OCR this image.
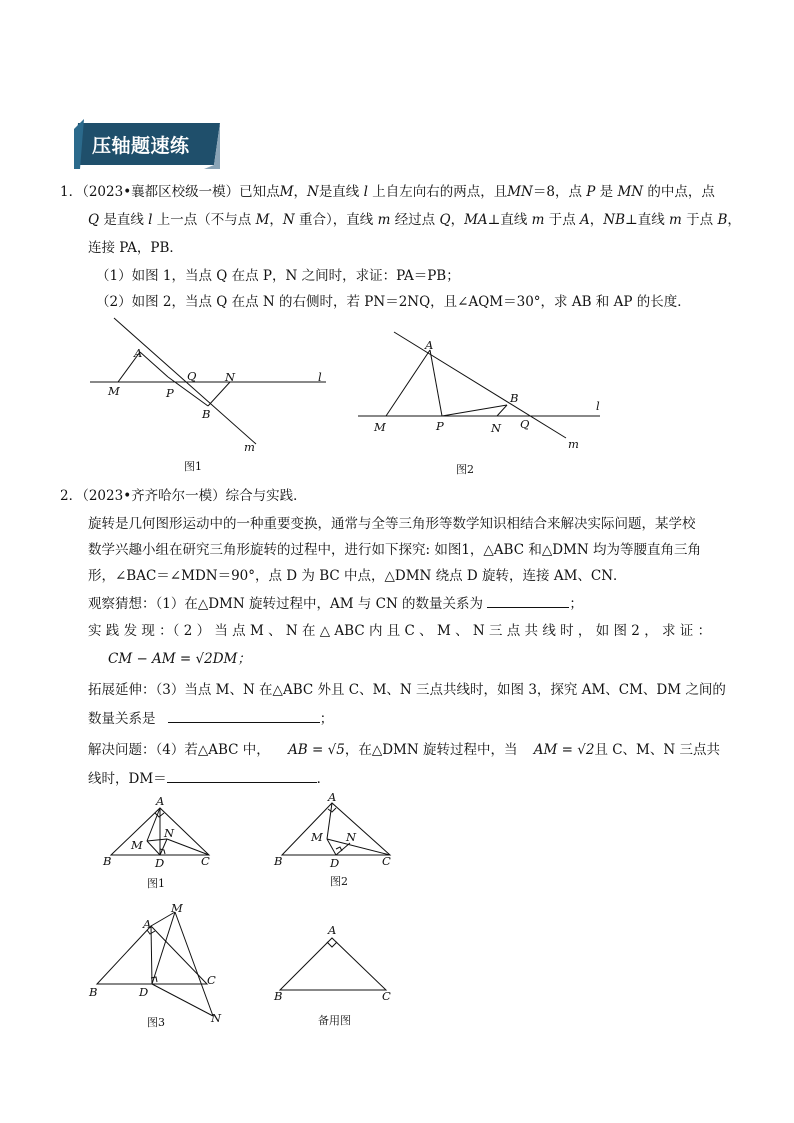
压轴题速练
1．（2023•襄都区校级一模）已知点M，N是直线 l 上自左向右的两点，且MN＝8，点 P 是 MN 的中点，点
Q 是直线 l 上一点（不与点 M，N 重合），直线 m 经过点 Q，MA⊥直线 m 于点 A，NB⊥直线 m 于点 B，
连接 PA，PB．
（1）如图 1，当点 Q 在点 P，N 之间时，求证：PA＝PB；
（2）如图 2，当点 Q 在点 N 的右侧时，若 PN＝2NQ，且∠AQM＝30°，求 AB 和 AP 的长度．
A
M	P
Q N
B
l
m
图1
A
M	P	N
B
Q
l
m
图2
2．（2023•齐齐哈尔一模）综合与实践．
旋转是几何图形运动中的一种重要变换，通常与全等三角形等数学知识相结合来解决实际问题，某学校
数学兴趣小组在研究三角形旋转的过程中，进行如下探究: 如图1，△ABC 和△DMN 均为等腰直角三角
形，∠BAC＝∠MDN＝90°，点 D 为 BC 中点，△DMN 绕点 D 旋转，连接 AM、CN．
观察猜想：（1）在△DMN 旋转过程中，AM 与 CN 的数量关系为	；
实 践 发 现 ：（ 2 ） 当 点 M 、 N 在 △ ABC 内 且 C 、 M 、 N 三 点 共 线 时 ， 如 图 2 ， 求 证 ：
CM − AM = √2DM；
拓展延伸：（3）当点 M、N 在△ABC 外且 C、M、N 三点共线时，如图 3，探究 AM、CM、DM 之间的
数量关系是	；
解决问题：（4）若△ABC 中， AB = √5，在△DMN 旋转过程中，当 AM = √2且 C、M、N 三点共
线时，DM＝	．
A
B	C
D
M
N
图1
A
B	C
D
M N
图2
A
M
B	D
C
N
图3
A
B	C
备用图
